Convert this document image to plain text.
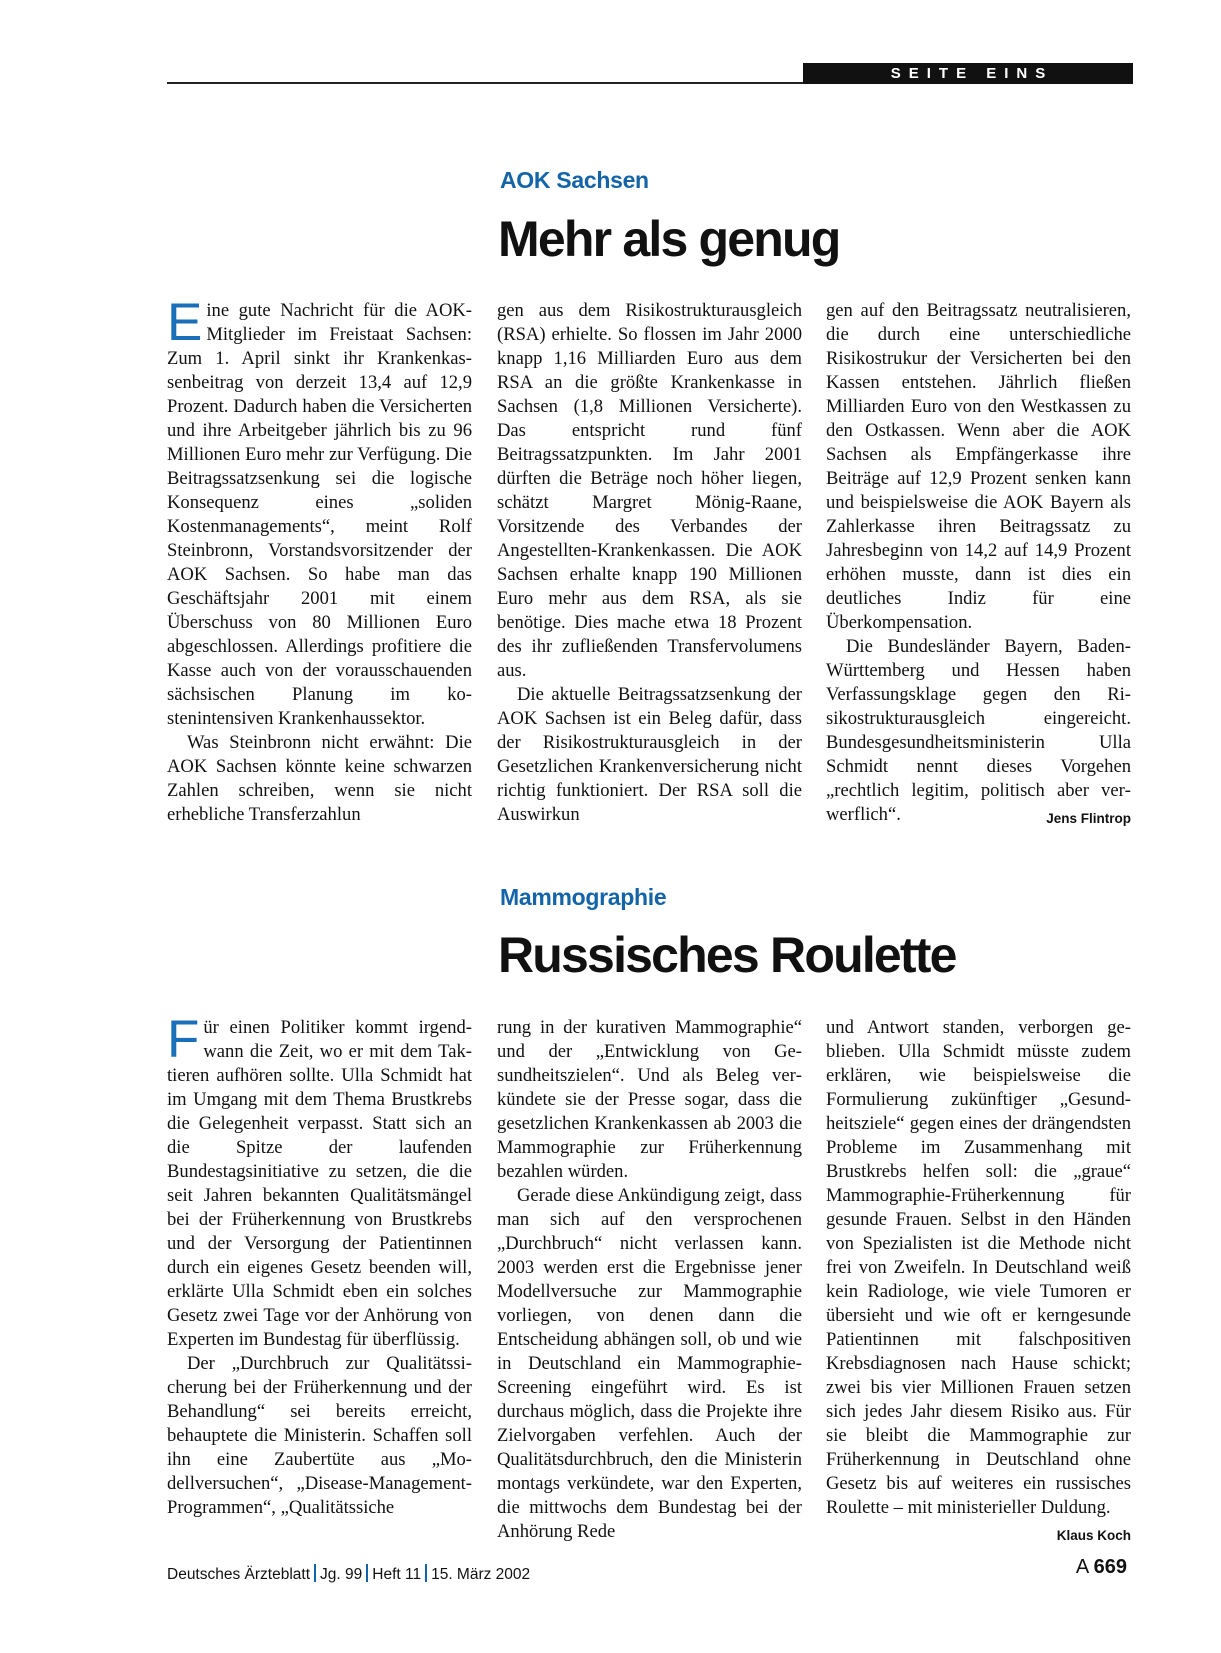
SEITE EINS
AOK Sachsen
Mehr als genug

Eine gute Nachricht für die AOK-Mitglieder im Freistaat Sachsen: Zum 1. April sinkt ihr Krankenkassenbeitrag von derzeit 13,4 auf 12,9 Prozent. Dadurch haben die Versicherten und ihre Arbeitgeber jährlich bis zu 96 Millionen Euro mehr zur Verfügung. Die Beitragssatzsenkung sei die logische Konsequenz eines „soliden Kostenmanagements“, meint Rolf Steinbronn, Vorstandsvorsitzender der AOK Sachsen. So habe man das Geschäftsjahr 2001 mit einem Überschuss von 80 Millionen Euro abgeschlossen. Allerdings profitiere die Kasse auch von der vorausschauenden sächsischen Planung im kostenintensiven Krankenhaussektor.

Was Steinbronn nicht erwähnt: Die AOK Sachsen könnte keine schwarzen Zahlen schreiben, wenn sie nicht erhebliche Transferzahlun

gen aus dem Risikostrukturausgleich (RSA) erhielte. So flossen im Jahr 2000 knapp 1,16 Milliarden Euro aus dem RSA an die größte Krankenkasse in Sachsen (1,8 Millionen Versicherte). Das entspricht rund fünf Beitragssatzpunkten. Im Jahr 2001 dürften die Beträge noch höher liegen, schätzt Margret Mönig-Raane, Vorsitzende des Verbandes der Angestellten-Krankenkassen. Die AOK Sachsen erhalte knapp 190 Millionen Euro mehr aus dem RSA, als sie benötige. Dies mache etwa 18 Prozent des ihr zufließenden Transfervolumens aus.

Die aktuelle Beitragssatzsenkung der AOK Sachsen ist ein Beleg dafür, dass der Risikostrukturausgleich in der Gesetzlichen Krankenversicherung nicht richtig funktioniert. Der RSA soll die Auswirkun

gen auf den Beitragssatz neutralisieren, die durch eine unterschiedliche Risikostrukur der Versicherten bei den Kassen entstehen. Jährlich fließen Milliarden Euro von den Westkassen zu den Ostkassen. Wenn aber die AOK Sachsen als Empfängerkasse ihre Beiträge auf 12,9 Prozent senken kann und beispielsweise die AOK Bayern als Zahlerkasse ihren Beitragssatz zu Jahresbeginn von 14,2 auf 14,9 Prozent erhöhen musste, dann ist dies ein deutliches Indiz für eine Überkompensation.

Die Bundesländer Bayern, Baden-Württemberg und Hessen haben Verfassungsklage gegen den Risikostrukturausgleich eingereicht. Bundesgesundheitsministerin Ulla Schmidt nennt dieses Vorgehen „rechtlich legitim, politisch aber verwerflich“.	Jens Flintrop

Mammographie
Russisches Roulette

Für einen Politiker kommt irgendwann die Zeit, wo er mit dem Taktieren aufhören sollte. Ulla Schmidt hat im Umgang mit dem Thema Brustkrebs die Gelegenheit verpasst. Statt sich an die Spitze der laufenden Bundestagsinitiative zu setzen, die die seit Jahren bekannten Qualitätsmängel bei der Früherkennung von Brustkrebs und der Versorgung der Patientinnen durch ein eigenes Gesetz beenden will, erklärte Ulla Schmidt eben ein solches Gesetz zwei Tage vor der Anhörung von Experten im Bundestag für überflüssig.

Der „Durchbruch zur Qualitätssicherung bei der Früherkennung und der Behandlung“ sei bereits erreicht, behauptete die Ministerin. Schaffen soll ihn eine Zaubertüte aus „Modellversuchen“, „Disease-Management-Programmen“, „Qualitätssiche

rung in der kurativen Mammographie“ und der „Entwicklung von Gesundheitszielen“. Und als Beleg verkündete sie der Presse sogar, dass die gesetzlichen Krankenkassen ab 2003 die Mammographie zur Früherkennung bezahlen würden.

Gerade diese Ankündigung zeigt, dass man sich auf den versprochenen „Durchbruch“ nicht verlassen kann. 2003 werden erst die Ergebnisse jener Modellversuche zur Mammographie vorliegen, von denen dann die Entscheidung abhängen soll, ob und wie in Deutschland ein Mammographie-Screening eingeführt wird. Es ist durchaus möglich, dass die Projekte ihre Zielvorgaben verfehlen. Auch der Qualitätsdurchbruch, den die Ministerin montags verkündete, war den Experten, die mittwochs dem Bundestag bei der Anhörung Rede

und Antwort standen, verborgen geblieben. Ulla Schmidt müsste zudem erklären, wie beispielsweise die Formulierung zukünftiger „Gesundheitsziele“ gegen eines der drängendsten Probleme im Zusammenhang mit Brustkrebs helfen soll: die „graue“ Mammographie-Früherkennung für gesunde Frauen. Selbst in den Händen von Spezialisten ist die Methode nicht frei von Zweifeln. In Deutschland weiß kein Radiologe, wie viele Tumoren er übersieht und wie oft er kerngesunde Patientinnen mit falschpositiven Krebsdiagnosen nach Hause schickt; zwei bis vier Millionen Frauen setzen sich jedes Jahr diesem Risiko aus. Für sie bleibt die Mammographie zur Früherkennung in Deutschland ohne Gesetz bis auf weiteres ein russisches Roulette – mit ministerieller Duldung.
Klaus Koch

Deutsches Ärzteblatt Jg. 99 Heft 11 15. März 2002	A 669
